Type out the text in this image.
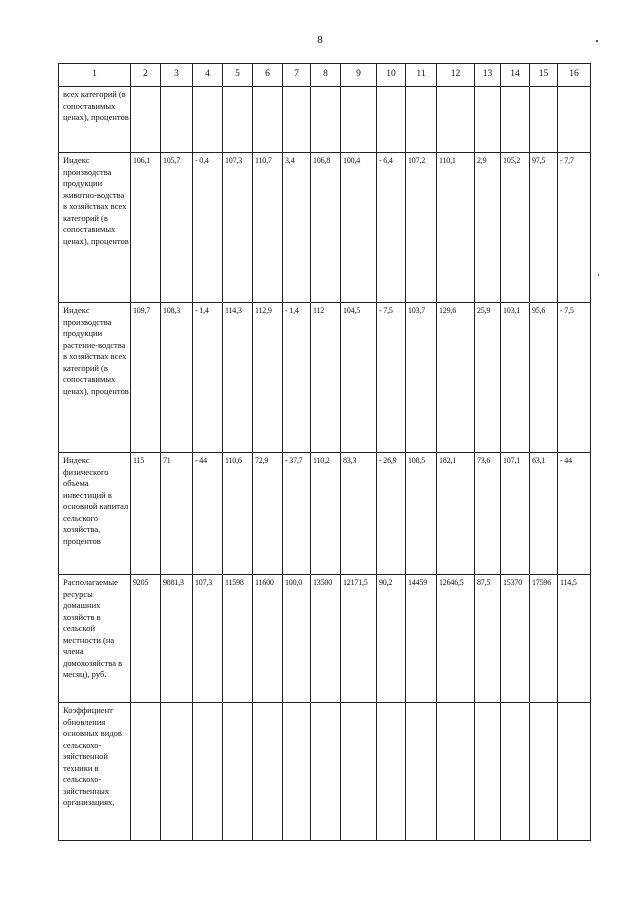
8
1	2	3	4	5	6	7	8	9	10	11	12	13	14	15	16
всех категорий (в сопоставимых ценах), процентов															
Индекс производства продукции животно-водства в хозяйствах всех категорий (в сопоставимых ценах), процентов	106,1	105,7	- 0,4	107,3	110,7	3,4	106,8	100,4	- 6,4	107,2	110,1	2,9	105,2	97,5	- 7,7
Индекс производства продукции растение-водства в хозяйствах всех категорий (в сопоставимых ценах), процентов	109,7	108,3	- 1,4	114,3	112,9	- 1,4	112	104,5	- 7,5	103,7	129,6	25,9	103,1	95,6	- 7,5
Индекс физического объема инвестиций в основной капитал сельского хозяйства, процентов	115	71	- 44	110,6	72,9	- 37,7	110,2	83,3	- 26,9	108,5	182,1	73,6	107,1	63,1	- 44
Располагаемые ресурсы домашних хозяйств в сельской местности (на члена домохозяйства в месяц), руб.	9205	9881,3	107,3	11598	11600	100,0	13500	12171,5	90,2	14459	12646,5	87,5	15370	17596	114,5
Коэффициент обновления основных видов сельскохо-зяйственной техники в сельскохо-зяйственных организациях,															
